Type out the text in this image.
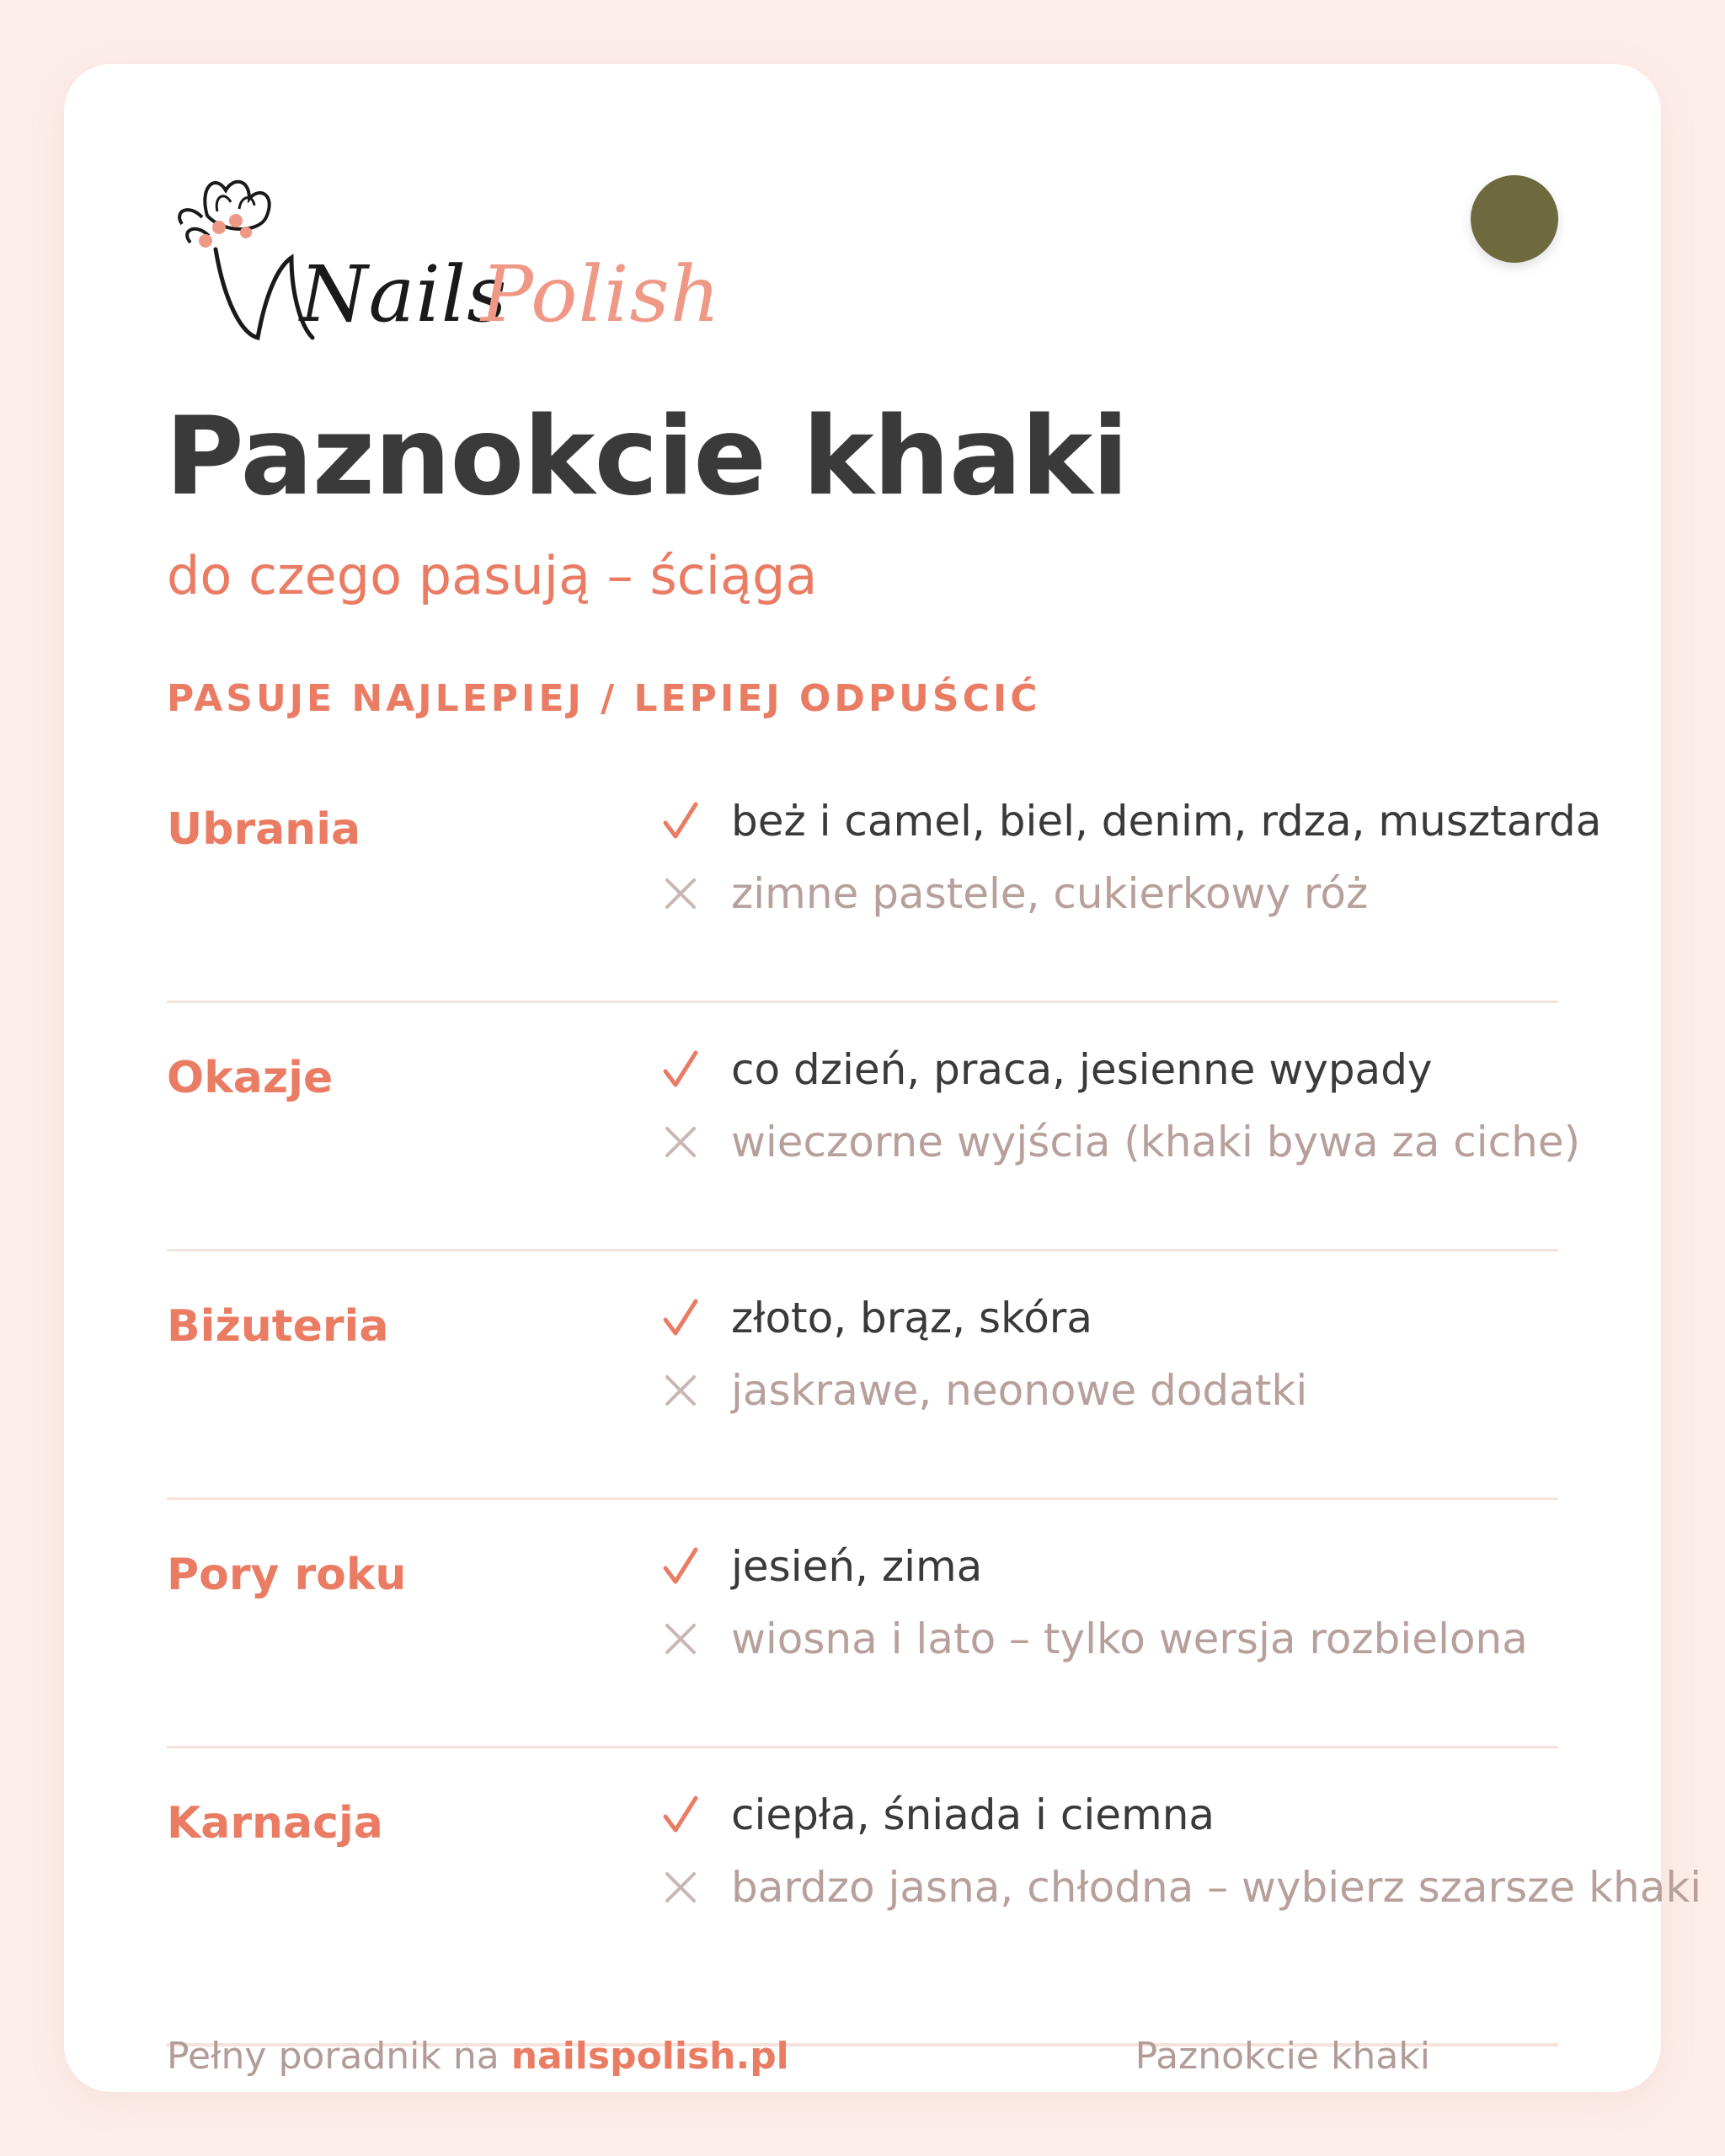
Nails
Polish
Paznokcie khaki
do czego pasują – ściąga
PASUJE NAJLEPIEJ / LEPIEJ ODPUŚCIĆ
Ubrania	beż i camel, biel, denim, rdza, musztarda
zimne pastele, cukierkowy róż
Okazje	co dzień, praca, jesienne wypady
wieczorne wyjścia (khaki bywa za ciche)
Biżuteria	złoto, brąz, skóra
jaskrawe, neonowe dodatki
Pory roku	jesień, zima
wiosna i lato – tylko wersja rozbielona
Karnacja	ciepła, śniada i ciemna
bardzo jasna, chłodna – wybierz szarsze khaki
Pełny poradnik na nailspolish.pl	Paznokcie khaki
